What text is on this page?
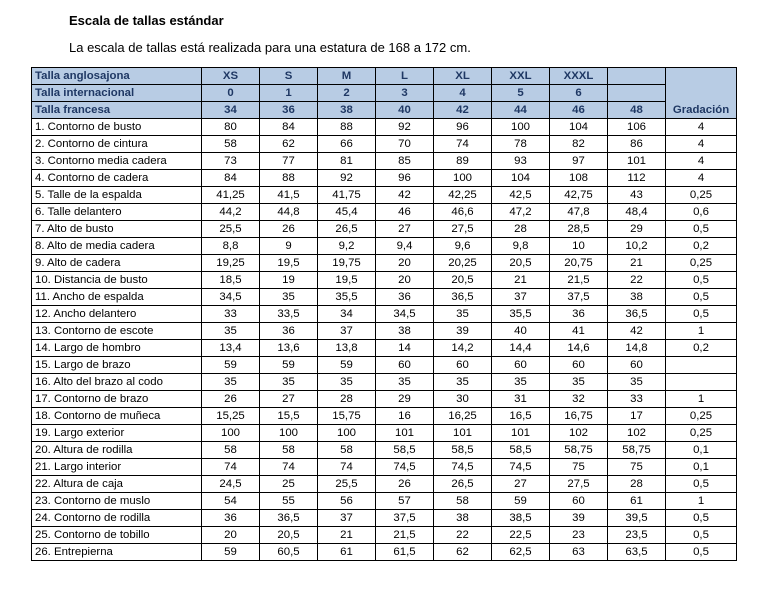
Escala de tallas estándar
La escala de tallas está realizada para una estatura de 168 a 172 cm.
Talla anglosajona	XS	S	M	L	XL	XXL	XXXL		Gradación
Talla internacional	0	1	2	3	4	5	6		
Talla francesa	34	36	38	40	42	44	46	48	
1. Contorno de busto	80	84	88	92	96	100	104	106	4
2. Contorno de cintura	58	62	66	70	74	78	82	86	4
3. Contorno media cadera	73	77	81	85	89	93	97	101	4
4. Contorno de cadera	84	88	92	96	100	104	108	112	4
5. Talle de la espalda	41,25	41,5	41,75	42	42,25	42,5	42,75	43	0,25
6. Talle delantero	44,2	44,8	45,4	46	46,6	47,2	47,8	48,4	0,6
7. Alto de busto	25,5	26	26,5	27	27,5	28	28,5	29	0,5
8. Alto de media cadera	8,8	9	9,2	9,4	9,6	9,8	10	10,2	0,2
9. Alto de cadera	19,25	19,5	19,75	20	20,25	20,5	20,75	21	0,25
10. Distancia de busto	18,5	19	19,5	20	20,5	21	21,5	22	0,5
11. Ancho de espalda	34,5	35	35,5	36	36,5	37	37,5	38	0,5
12. Ancho delantero	33	33,5	34	34,5	35	35,5	36	36,5	0,5
13. Contorno de escote	35	36	37	38	39	40	41	42	1
14. Largo de hombro	13,4	13,6	13,8	14	14,2	14,4	14,6	14,8	0,2
15. Largo de brazo	59	59	59	60	60	60	60	60	
16. Alto del brazo al codo	35	35	35	35	35	35	35	35	
17. Contorno de brazo	26	27	28	29	30	31	32	33	1
18. Contorno de muñeca	15,25	15,5	15,75	16	16,25	16,5	16,75	17	0,25
19. Largo exterior	100	100	100	101	101	101	102	102	0,25
20. Altura de rodilla	58	58	58	58,5	58,5	58,5	58,75	58,75	0,1
21. Largo interior	74	74	74	74,5	74,5	74,5	75	75	0,1
22. Altura de caja	24,5	25	25,5	26	26,5	27	27,5	28	0,5
23. Contorno de muslo	54	55	56	57	58	59	60	61	1
24. Contorno de rodilla	36	36,5	37	37,5	38	38,5	39	39,5	0,5
25. Contorno de tobillo	20	20,5	21	21,5	22	22,5	23	23,5	0,5
26. Entrepierna	59	60,5	61	61,5	62	62,5	63	63,5	0,5
